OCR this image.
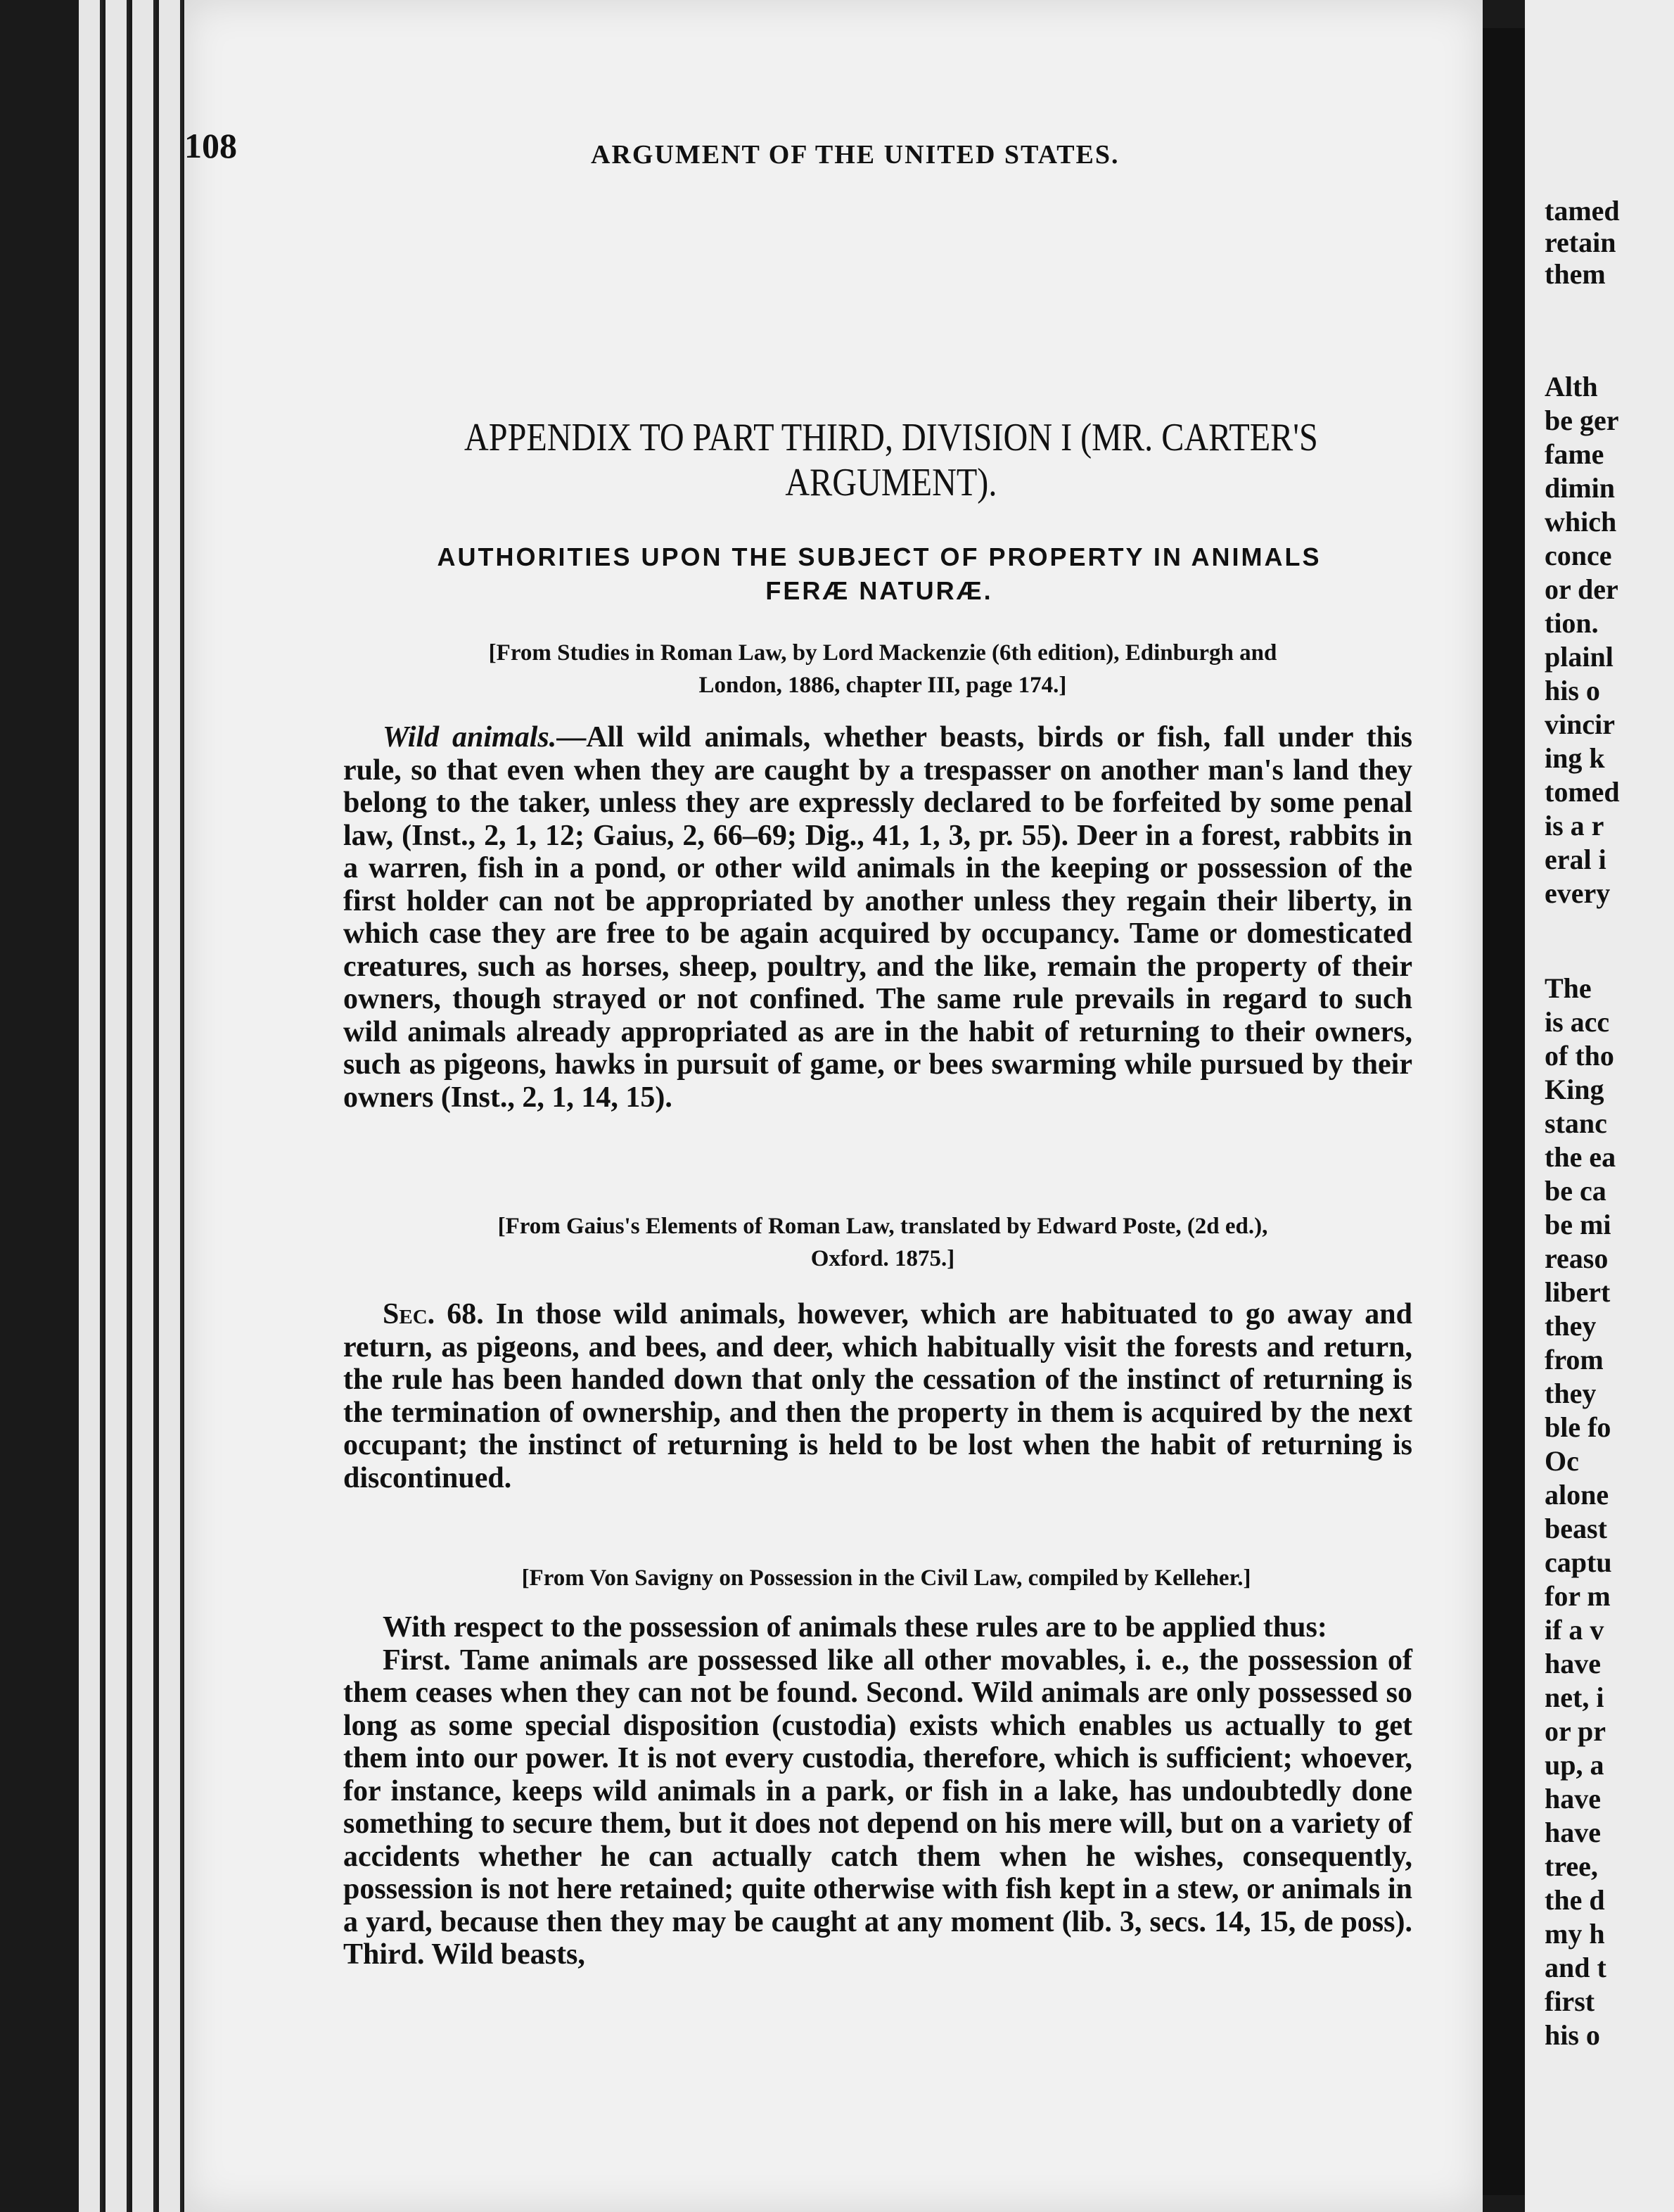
tamed
retain
them
Alth
be ger
fame
dimin
which
conce
or der
tion.
plainl
his o
vincir
ing k
tomed
is a r
eral i
every
The
is acc
of tho
King
stanc
the ea
be ca
be mi
reaso
libert
they
from
they
ble fo
Oc
alone
beast
captu
for m
if a v
have
net, i
or pr
up, a
have
have
tree,
the d
my h
and t
first
his o
108	ARGUMENT OF THE UNITED STATES.
APPENDIX TO PART THIRD, DIVISION I (MR. CARTER'S
ARGUMENT).
AUTHORITIES UPON THE SUBJECT OF PROPERTY IN ANIMALS
FERÆ NATURÆ.
[From Studies in Roman Law, by Lord Mackenzie (6th edition), Edinburgh and
London, 1886, chapter III, page 174.]

Wild animals.—All wild animals, whether beasts, birds or fish, fall under this rule, so that even when they are caught by a trespasser on another man's land they belong to the taker, unless they are expressly declared to be forfeited by some penal law, (Inst., 2, 1, 12; Gaius, 2, 66–69; Dig., 41, 1, 3, pr. 55). Deer in a forest, rabbits in a warren, fish in a pond, or other wild animals in the keeping or possession of the first holder can not be appropriated by another unless they regain their liberty, in which case they are free to be again acquired by occupancy. Tame or domesticated creatures, such as horses, sheep, poultry, and the like, remain the property of their owners, though strayed or not confined. The same rule prevails in regard to such wild animals already appropriated as are in the habit of returning to their owners, such as pigeons, hawks in pursuit of game, or bees swarming while pursued by their owners (Inst., 2, 1, 14, 15).

[From Gaius's Elements of Roman Law, translated by Edward Poste, (2d ed.),
Oxford. 1875.]

Sec. 68. In those wild animals, however, which are habituated to go away and return, as pigeons, and bees, and deer, which habitually visit the forests and return, the rule has been handed down that only the cessation of the instinct of returning is the termination of ownership, and then the property in them is acquired by the next occupant; the instinct of returning is held to be lost when the habit of returning is discontinued.

[From Von Savigny on Possession in the Civil Law, compiled by Kelleher.]

With respect to the possession of animals these rules are to be applied thus:

First. Tame animals are possessed like all other movables, i. e., the possession of them ceases when they can not be found. Second. Wild animals are only possessed so long as some special disposition (custodia) exists which enables us actually to get them into our power. It is not every custodia, therefore, which is sufficient; whoever, for instance, keeps wild animals in a park, or fish in a lake, has undoubtedly done something to secure them, but it does not depend on his mere will, but on a variety of accidents whether he can actually catch them when he wishes, consequently, possession is not here retained; quite otherwise with fish kept in a stew, or animals in a yard, because then they may be caught at any moment (lib. 3, secs. 14, 15, de poss). Third. Wild beasts,
